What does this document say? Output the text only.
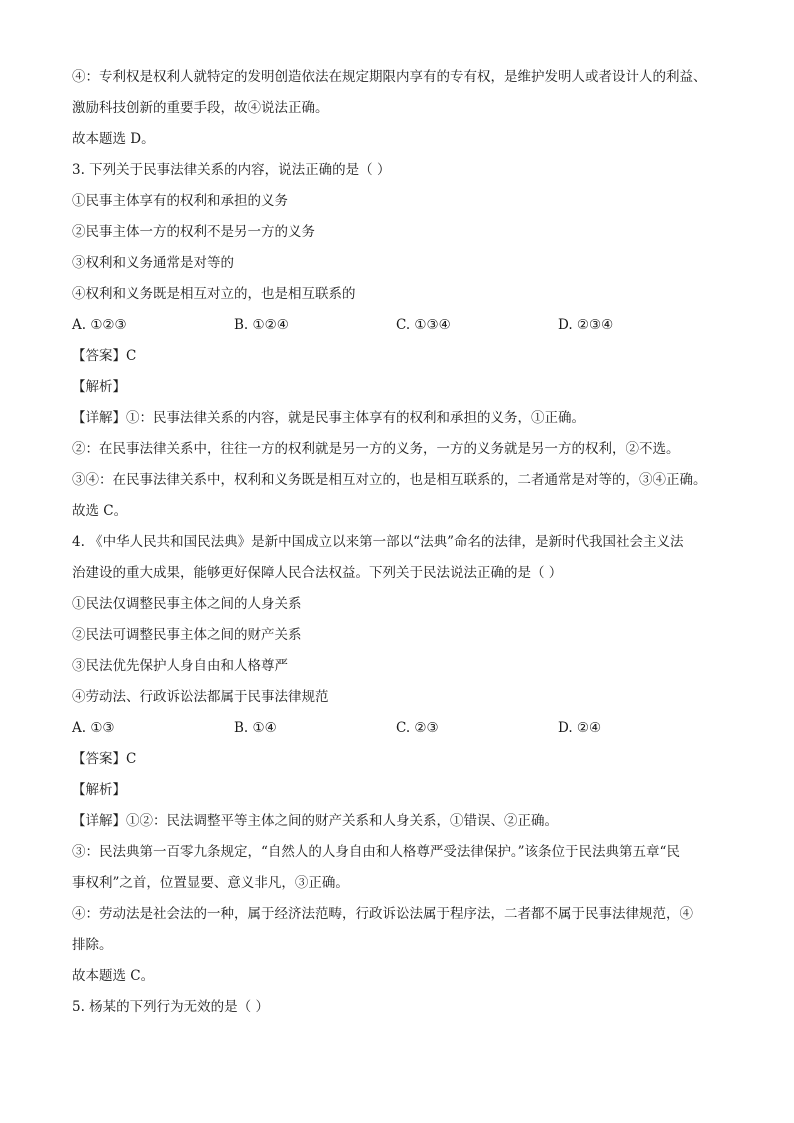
④：专利权是权利人就特定的发明创造依法在规定期限内享有的专有权，是维护发明人或者设计人的利益、

激励科技创新的重要手段，故④说法正确。

故本题选 D。

3. 下列关于民事法律关系的内容，说法正确的是（ ）

①民事主体享有的权利和承担的义务

②民事主体一方的权利不是另一方的义务

③权利和义务通常是对等的

④权利和义务既是相互对立的，也是相互联系的

A. ①②③	B. ①②④	C. ①③④	D. ②③④

【答案】C

【解析】

【详解】①：民事法律关系的内容，就是民事主体享有的权利和承担的义务，①正确。

②：在民事法律关系中，往往一方的权利就是另一方的义务，一方的义务就是另一方的权利，②不选。

③④：在民事法律关系中，权利和义务既是相互对立的，也是相互联系的，二者通常是对等的，③④正确。

故选 C。

4. 《中华人民共和国民法典》是新中国成立以来第一部以“法典”命名的法律，是新时代我国社会主义法

治建设的重大成果，能够更好保障人民合法权益。下列关于民法说法正确的是（ ）

①民法仅调整民事主体之间的人身关系

②民法可调整民事主体之间的财产关系

③民法优先保护人身自由和人格尊严

④劳动法、行政诉讼法都属于民事法律规范

A. ①③	B. ①④	C. ②③	D. ②④

【答案】C

【解析】

【详解】①②：民法调整平等主体之间的财产关系和人身关系，①错误、②正确。

③：民法典第一百零九条规定，“自然人的人身自由和人格尊严受法律保护。”该条位于民法典第五章“民

事权利”之首，位置显要、意义非凡，③正确。

④：劳动法是社会法的一种，属于经济法范畴，行政诉讼法属于程序法，二者都不属于民事法律规范，④

排除。

故本题选 C。

5. 杨某的下列行为无效的是（ ）
